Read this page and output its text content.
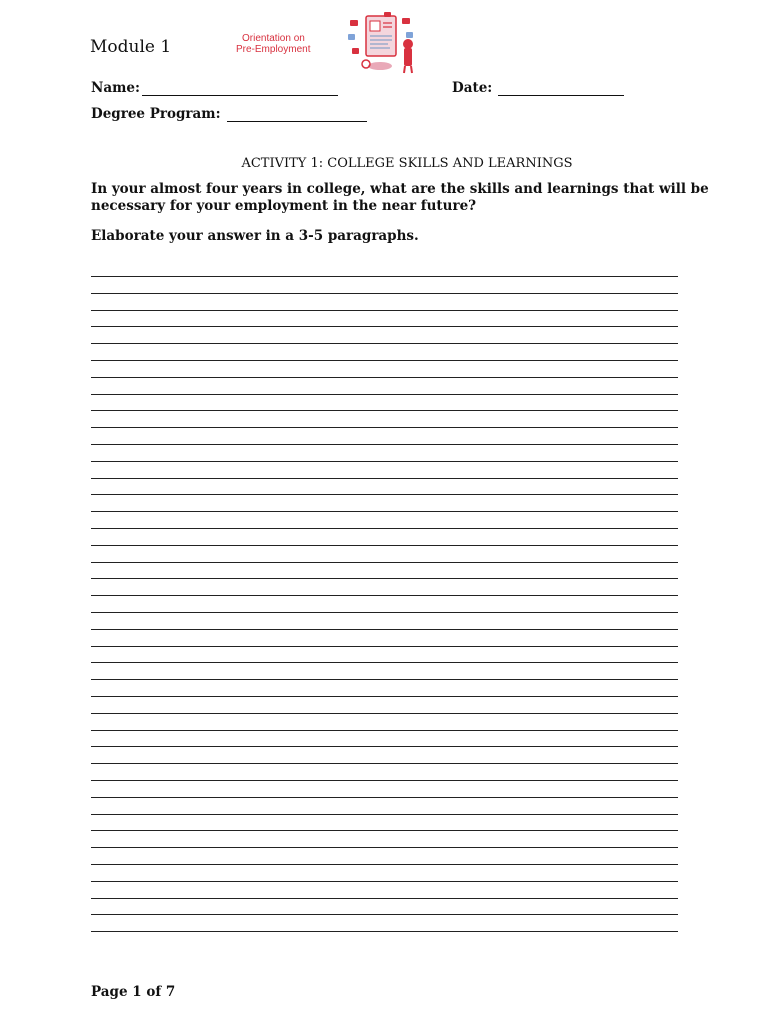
Module 1	Orientation on
Pre-Employment
Name:	Date:
Degree Program:
ACTIVITY 1: COLLEGE SKILLS AND LEARNINGS
In your almost four years in college, what are the skills and learnings that will be necessary for your employment in the near future?
Elaborate your answer in a 3-5 paragraphs.
Page 1 of 7
